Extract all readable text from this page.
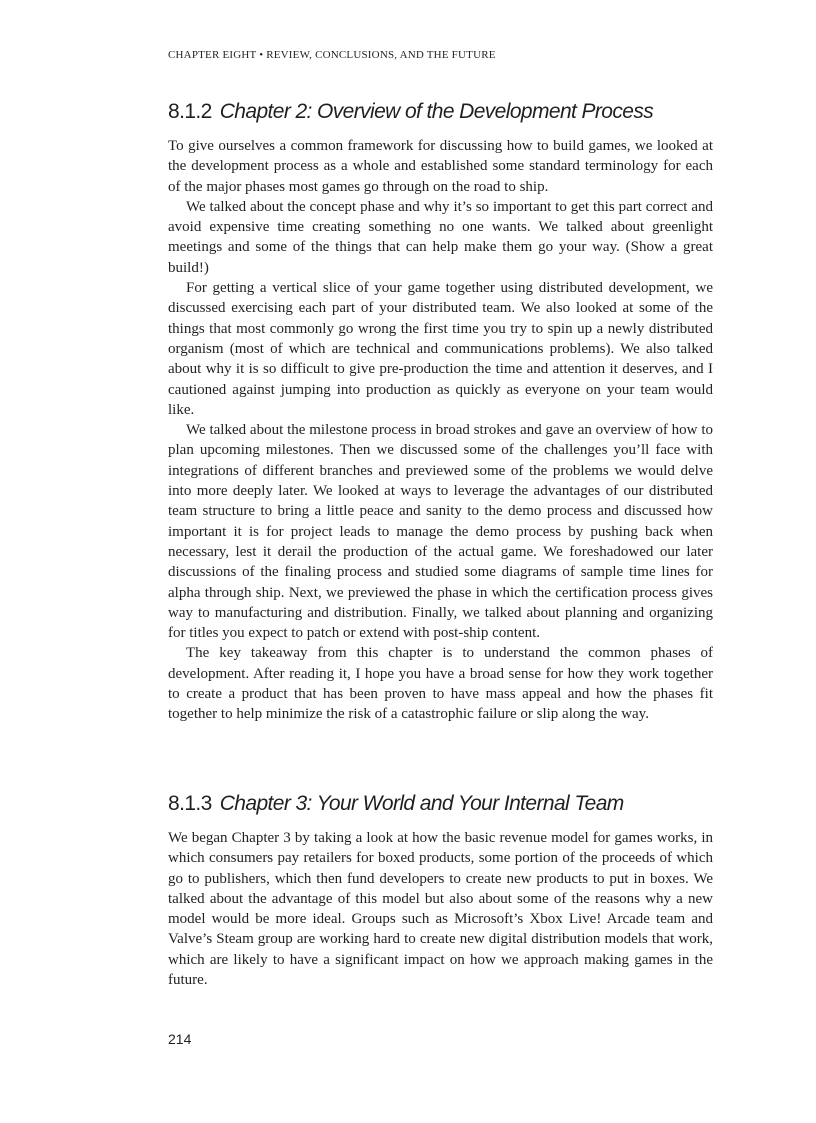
CHAPTER EIGHT • REVIEW, CONCLUSIONS, AND THE FUTURE
8.1.2 Chapter 2: Overview of the Development Process

To give ourselves a common framework for discussing how to build games, we looked at the development process as a whole and established some standard terminology for each of the major phases most games go through on the road to ship.

We talked about the concept phase and why it’s so important to get this part correct and avoid expensive time creating something no one wants. We talked about greenlight meetings and some of the things that can help make them go your way. (Show a great build!)

For getting a vertical slice of your game together using distributed development, we discussed exercising each part of your distributed team. We also looked at some of the things that most commonly go wrong the first time you try to spin up a newly distributed organism (most of which are technical and communications problems). We also talked about why it is so difficult to give pre-production the time and attention it deserves, and I cautioned against jumping into production as quickly as everyone on your team would like.

We talked about the milestone process in broad strokes and gave an overview of how to plan upcoming milestones. Then we discussed some of the challenges you’ll face with integrations of different branches and previewed some of the problems we would delve into more deeply later. We looked at ways to leverage the advantages of our distributed team structure to bring a little peace and sanity to the demo process and discussed how important it is for project leads to manage the demo process by pushing back when necessary, lest it derail the production of the actual game. We foreshadowed our later discussions of the finaling process and studied some diagrams of sample time lines for alpha through ship. Next, we previewed the phase in which the certification process gives way to manufacturing and distribution. Finally, we talked about planning and organizing for titles you expect to patch or extend with post-ship content.

The key takeaway from this chapter is to understand the common phases of development. After reading it, I hope you have a broad sense for how they work together to create a product that has been proven to have mass appeal and how the phases fit together to help minimize the risk of a catastrophic failure or slip along the way.

8.1.3 Chapter 3: Your World and Your Internal Team

We began Chapter 3 by taking a look at how the basic revenue model for games works, in which consumers pay retailers for boxed products, some portion of the proceeds of which go to publishers, which then fund developers to create new products to put in boxes. We talked about the advantage of this model but also about some of the reasons why a new model would be more ideal. Groups such as Microsoft’s Xbox Live! Arcade team and Valve’s Steam group are working hard to create new digital distribution models that work, which are likely to have a significant impact on how we approach making games in the future.

214
